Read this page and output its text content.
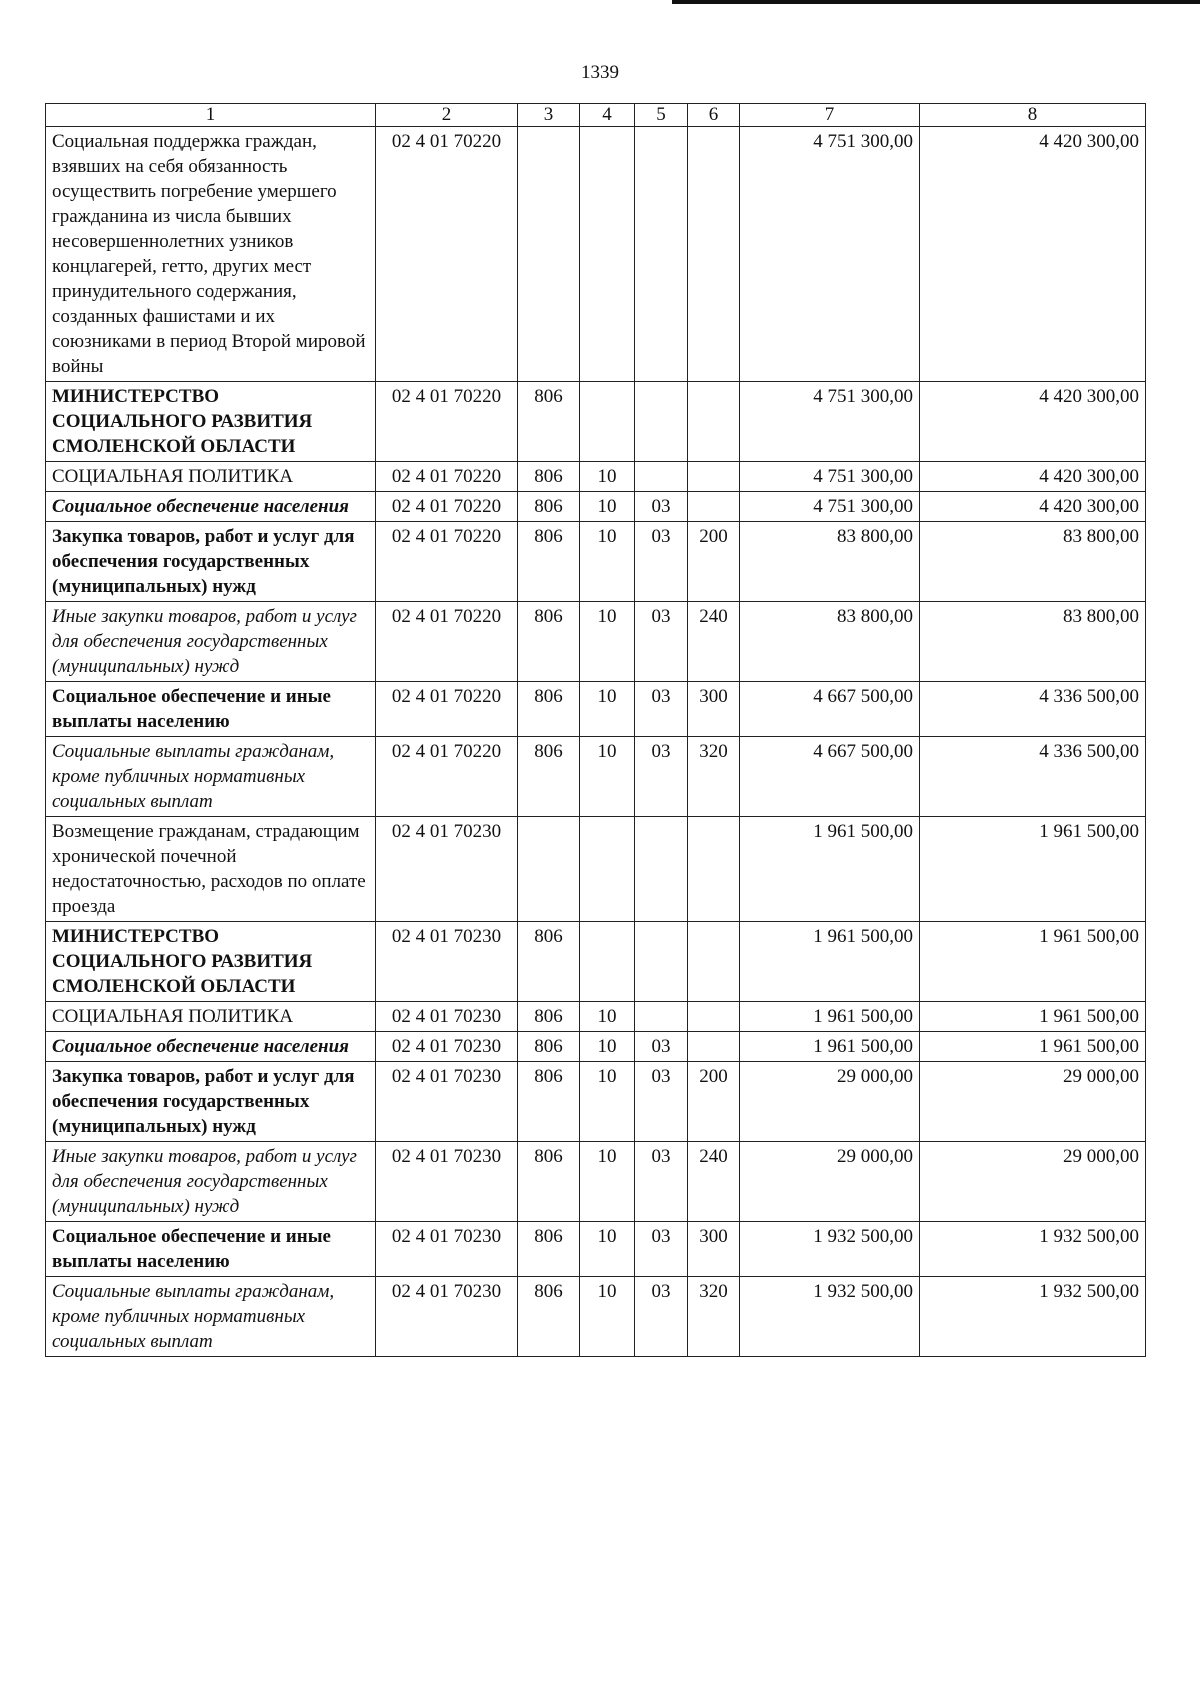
1339
1	2	3	4	5	6	7	8
Социальная поддержка граждан, взявших на себя обязанность осуществить погребение умершего гражданина из числа бывших несовершеннолетних узников концлагерей, гетто, других мест принудительного содержания, созданных фашистами и их союзниками в период Второй мировой войны	02 4 01 70220					4 751 300,00	4 420 300,00
МИНИСТЕРСТВО СОЦИАЛЬНОГО РАЗВИТИЯ СМОЛЕНСКОЙ ОБЛАСТИ	02 4 01 70220	806				4 751 300,00	4 420 300,00
СОЦИАЛЬНАЯ ПОЛИТИКА	02 4 01 70220	806	10			4 751 300,00	4 420 300,00
Социальное обеспечение населения	02 4 01 70220	806	10	03		4 751 300,00	4 420 300,00
Закупка товаров, работ и услуг для обеспечения государственных (муниципальных) нужд	02 4 01 70220	806	10	03	200	83 800,00	83 800,00
Иные закупки товаров, работ и услуг для обеспечения государственных (муниципальных) нужд	02 4 01 70220	806	10	03	240	83 800,00	83 800,00
Социальное обеспечение и иные выплаты населению	02 4 01 70220	806	10	03	300	4 667 500,00	4 336 500,00
Социальные выплаты гражданам, кроме публичных нормативных социальных выплат	02 4 01 70220	806	10	03	320	4 667 500,00	4 336 500,00
Возмещение гражданам, страдающим хронической почечной недостаточностью, расходов по оплате проезда	02 4 01 70230					1 961 500,00	1 961 500,00
МИНИСТЕРСТВО СОЦИАЛЬНОГО РАЗВИТИЯ СМОЛЕНСКОЙ ОБЛАСТИ	02 4 01 70230	806				1 961 500,00	1 961 500,00
СОЦИАЛЬНАЯ ПОЛИТИКА	02 4 01 70230	806	10			1 961 500,00	1 961 500,00
Социальное обеспечение населения	02 4 01 70230	806	10	03		1 961 500,00	1 961 500,00
Закупка товаров, работ и услуг для обеспечения государственных (муниципальных) нужд	02 4 01 70230	806	10	03	200	29 000,00	29 000,00
Иные закупки товаров, работ и услуг для обеспечения государственных (муниципальных) нужд	02 4 01 70230	806	10	03	240	29 000,00	29 000,00
Социальное обеспечение и иные выплаты населению	02 4 01 70230	806	10	03	300	1 932 500,00	1 932 500,00
Социальные выплаты гражданам, кроме публичных нормативных социальных выплат	02 4 01 70230	806	10	03	320	1 932 500,00	1 932 500,00
